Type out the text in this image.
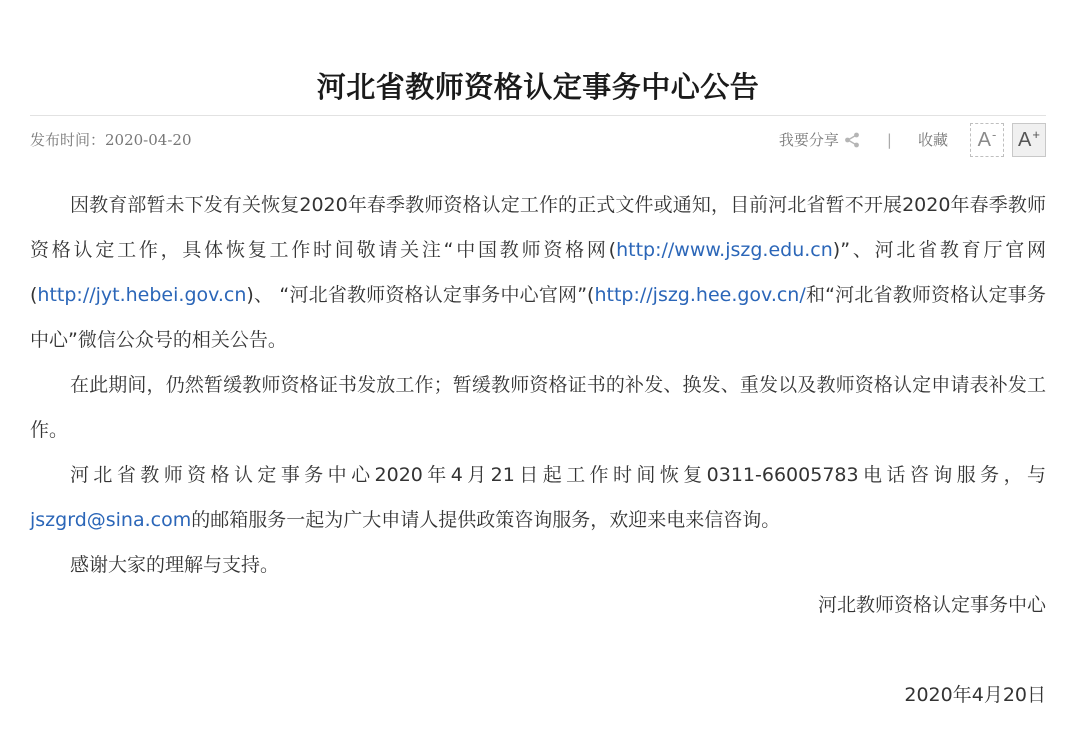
河北省教师资格认定事务中心公告
发布时间：2020-04-20	我要分享	| 收藏 A- A+

因教育部暂未下发有关恢复2020年春季教师资格认定工作的正式文件或通知，目前河北省暂不开展2020年春季教师资格认定工作，具体恢复工作时间敬请关注“中国教师资格网(http://www.jszg.edu.cn)”、河北省教育厅官网(http://jyt.hebei.gov.cn)、 “河北省教师资格认定事务中心官网”(http://jszg.hee.gov.cn/和“河北省教师资格认定事务中心”微信公众号的相关公告。

在此期间，仍然暂缓教师资格证书发放工作；暂缓教师资格证书的补发、换发、重发以及教师资格认定申请表补发工作。

河北省教师资格认定事务中心2020年4月21日起工作时间恢复0311-66005783电话咨询服务，与jszgrd@sina.com的邮箱服务一起为广大申请人提供政策咨询服务，欢迎来电来信咨询。

感谢大家的理解与支持。

河北教师资格认定事务中心
2020年4月20日
